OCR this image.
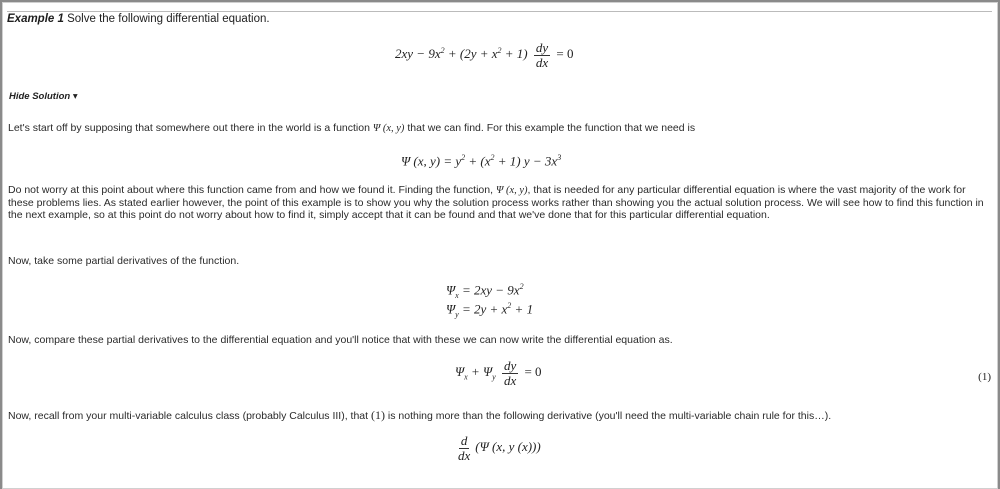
Example 1 Solve the following differential equation.
$2xy - 9x^2 + (2y + x^2 + 1) \frac{dy}{dx} = 0$
Hide Solution ▾
Let's start off by supposing that somewhere out there in the world is a function Ψ (x, y) that we can find. For this example the function that we need is
Ψ (x, $y) = y^2 + (x^2 + 1) y - 3x^3$
Do not worry at this point about where this function came from and how we found it. Finding the function, Ψ (x, y), that is needed for any particular differential equation is where the vast majority of the work for these problems lies. As stated earlier however, the point of this example is to show you why the solution process works rather than showing you the actual solution process. We will see how to find this function in the next example, so at this point do not worry about how to find it, simply accept that it can be found and that we've done that for this particular differential equation.
Now, take some partial derivatives of the function.
$\Psi_x = 2xy - 9x^2$
$\Psi_y = 2y + x^2 + 1$
Now, compare these partial derivatives to the differential equation and you'll notice that with these we can now write the differential equation as.
$\Psi_x + \Psi_y \frac{dy}{dx} = 0$	(1)
Now, recall from your multi-variable calculus class (probably Calculus III), that (1) is nothing more than the following derivative (you'll need the multi-variable chain rule for this…).
$\frac{d}{dx} (\Psi$ (x, y (x)))
